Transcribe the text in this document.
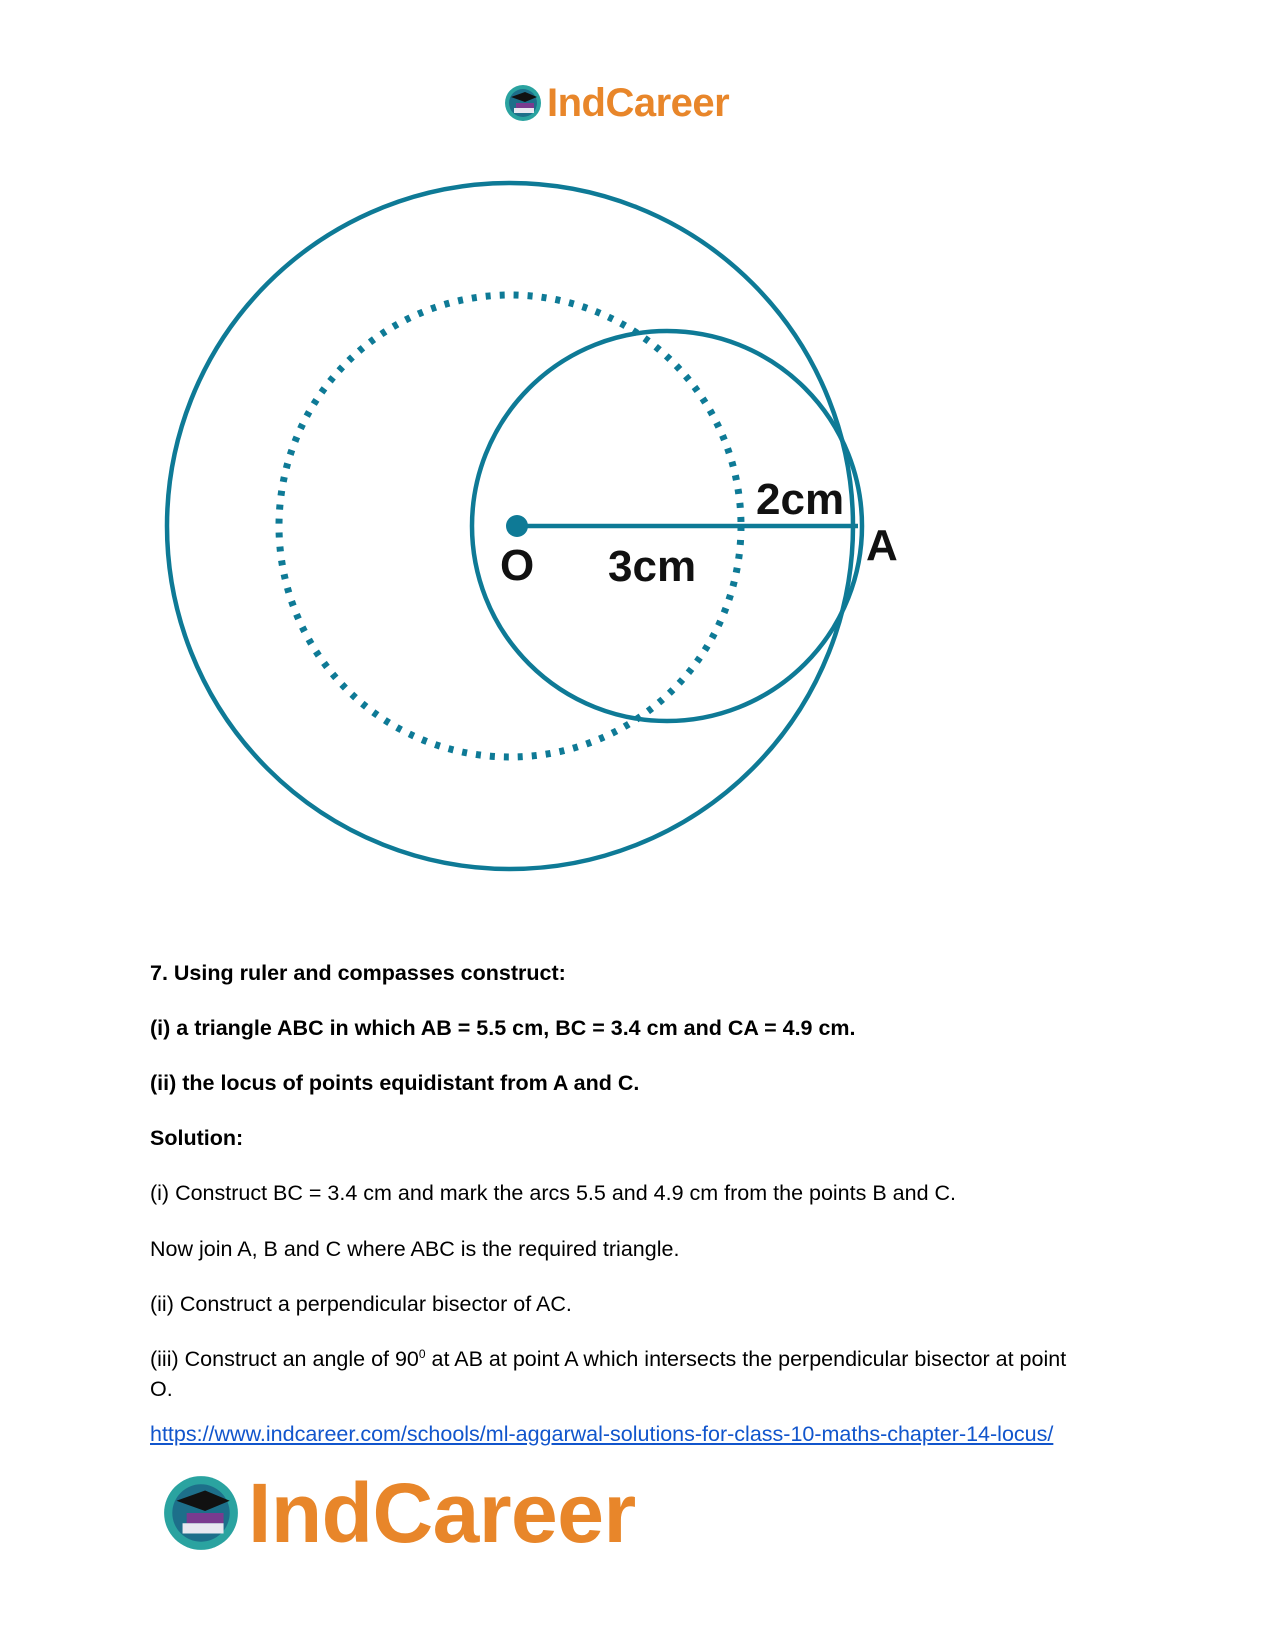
IndCareer
O	A
2cm
3cm

7. Using ruler and compasses construct:

(i) a triangle ABC in which AB = 5.5 cm, BC = 3.4 cm and CA = 4.9 cm.

(ii) the locus of points equidistant from A and C.

Solution:

(i) Construct BC = 3.4 cm and mark the arcs 5.5 and 4.9 cm from the points B and C.

Now join A, B and C where ABC is the required triangle.

(ii) Construct a perpendicular bisector of AC.

(iii) Construct an angle of $90^0$ at AB at point A which intersects the perpendicular bisector at point O.

https://www.indcareer.com/schools/ml-aggarwal-solutions-for-class-10-maths-chapter-14-locus/

IndCareer
